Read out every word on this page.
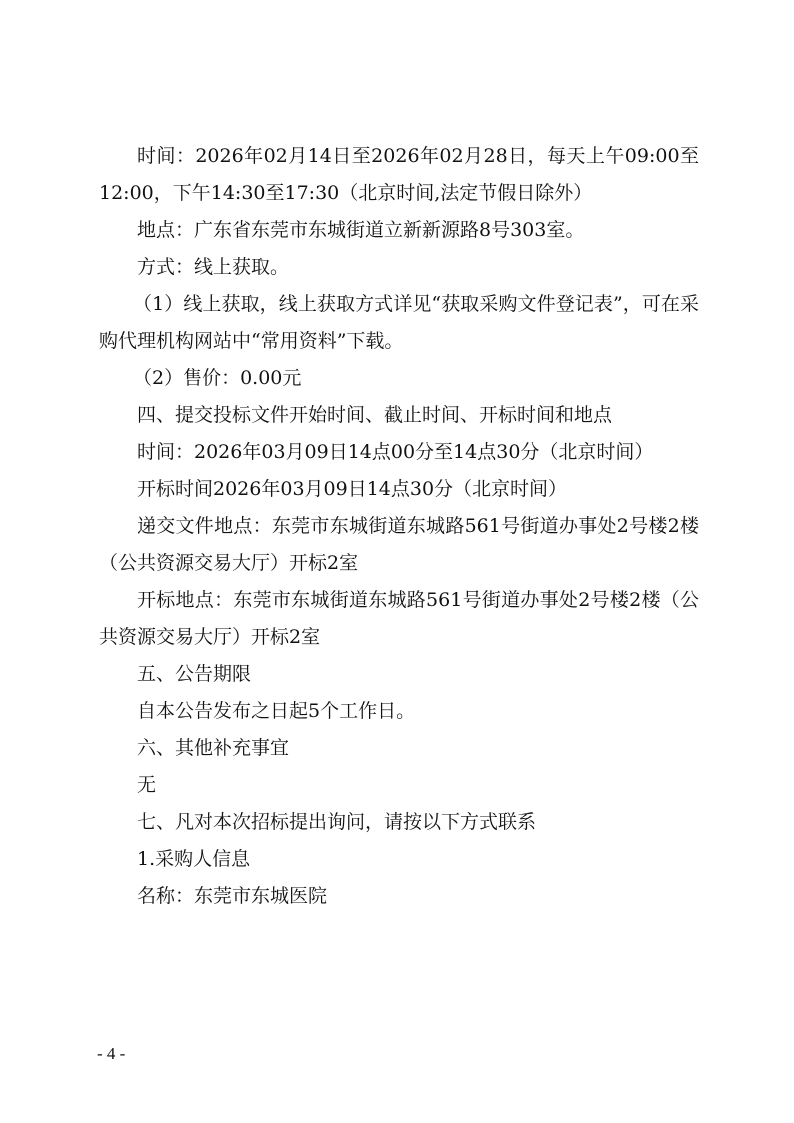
时间：2026年02月14日至2026年02月28日，每天上午09:00至12:00，下午14:30至17:30（北京时间,法定节假日除外）

地点：广东省东莞市东城街道立新新源路8号303室。

方式：线上获取。

（1）线上获取，线上获取方式详见“获取采购文件登记表”，可在采购代理机构网站中“常用资料”下载。

（2）售价：0.00元

四、提交投标文件开始时间、截止时间、开标时间和地点

时间：2026年03月09日14点00分至14点30分（北京时间）

开标时间2026年03月09日14点30分（北京时间）

递交文件地点：东莞市东城街道东城路561号街道办事处2号楼2楼（公共资源交易大厅）开标2室

开标地点：东莞市东城街道东城路561号街道办事处2号楼2楼（公共资源交易大厅）开标2室

五、公告期限

自本公告发布之日起5个工作日。

六、其他补充事宜

无

七、凡对本次招标提出询问，请按以下方式联系

1.采购人信息

名称：东莞市东城医院

- 4 -
